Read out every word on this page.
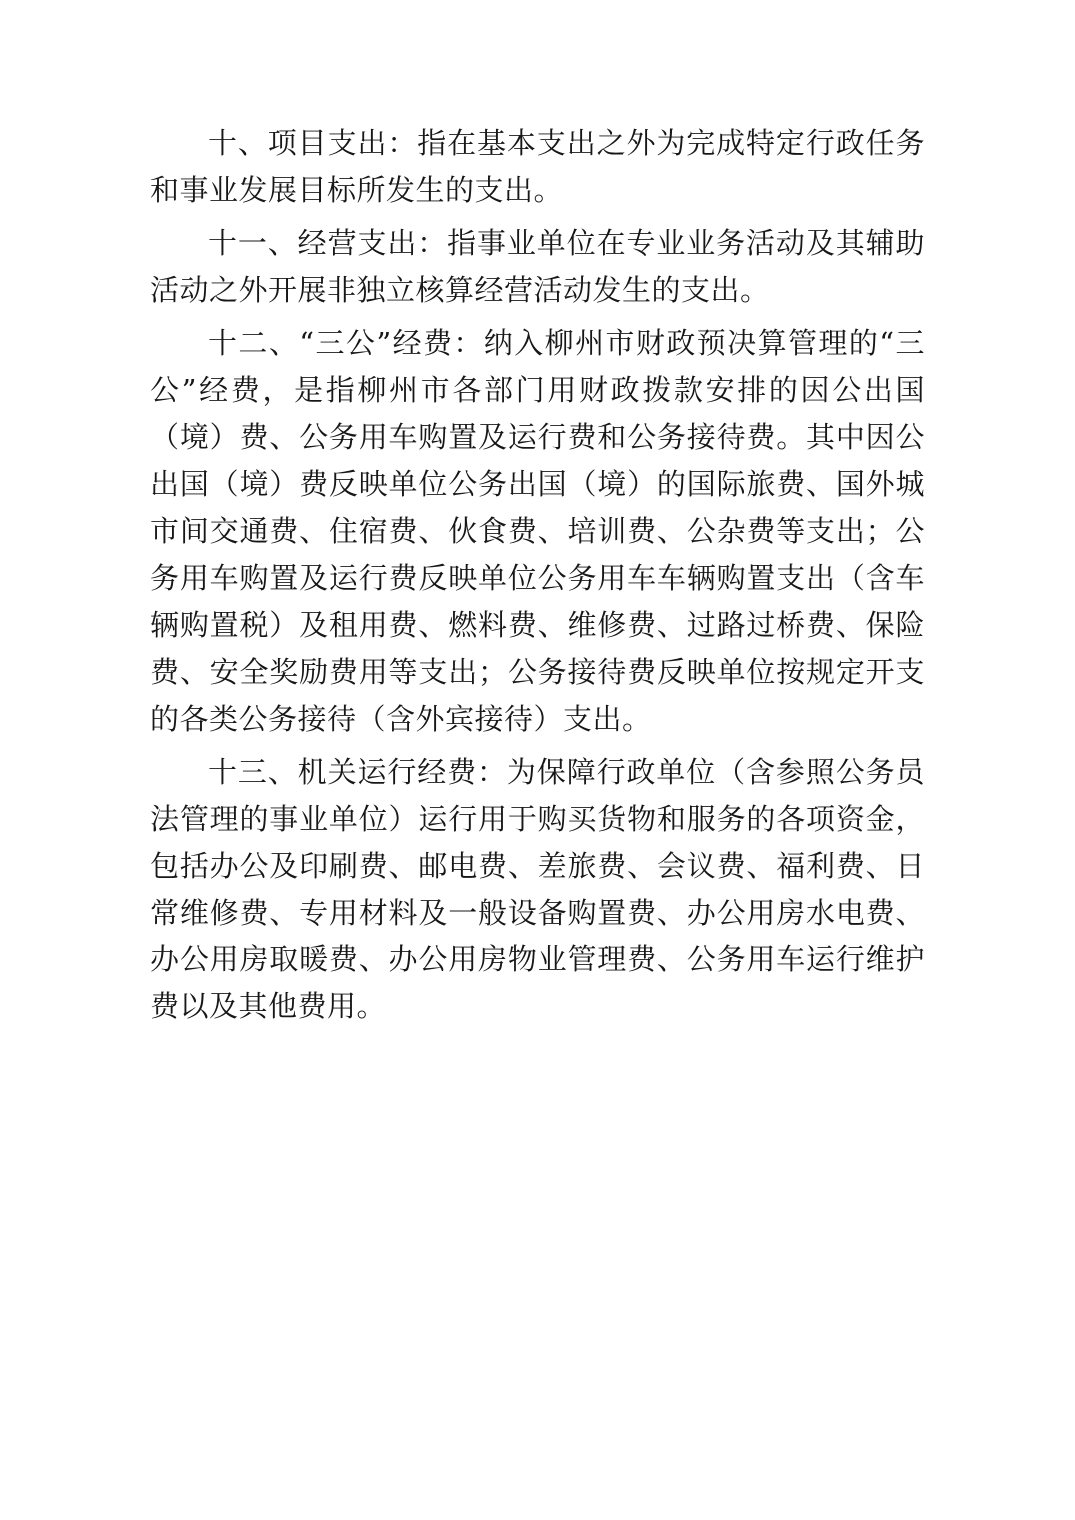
十、项目支出：指在基本支出之外为完成特定行政任务和事业发展目标所发生的支出。

十一、经营支出：指事业单位在专业业务活动及其辅助活动之外开展非独立核算经营活动发生的支出。

十二、“三公”经费：纳入柳州市财政预决算管理的“三公”经费，是指柳州市各部门用财政拨款安排的因公出国（境）费、公务用车购置及运行费和公务接待费。其中因公出国（境）费反映单位公务出国（境）的国际旅费、国外城市间交通费、住宿费、伙食费、培训费、公杂费等支出；公务用车购置及运行费反映单位公务用车车辆购置支出（含车辆购置税）及租用费、燃料费、维修费、过路过桥费、保险费、安全奖励费用等支出；公务接待费反映单位按规定开支的各类公务接待（含外宾接待）支出。

十三、机关运行经费：为保障行政单位（含参照公务员法管理的事业单位）运行用于购买货物和服务的各项资金，包括办公及印刷费、邮电费、差旅费、会议费、福利费、日常维修费、专用材料及一般设备购置费、办公用房水电费、办公用房取暖费、办公用房物业管理费、公务用车运行维护费以及其他费用。
